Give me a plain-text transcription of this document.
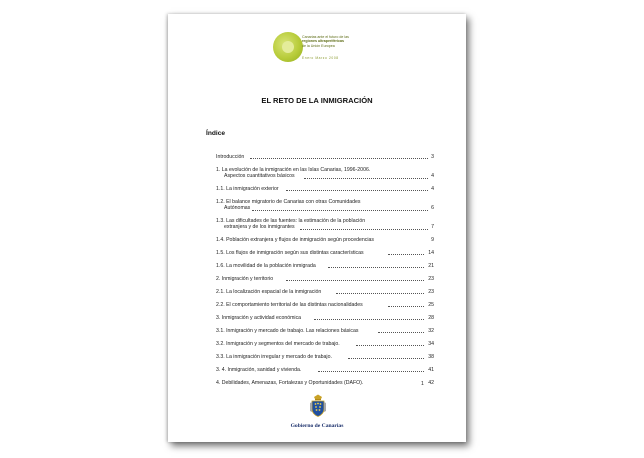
Canarias ante el futuro de las
regiones ultraperiféricas
de la Unión Europea
Enero Marzo 2008
EL RETO DE LA INMIGRACIÓN
Índice
Introducción	3
1. La evolución de la inmigración en las Islas Canarias, 1996-2006.
Aspectos cuantitativos básicos	4
1.1. La inmigración exterior	4
1.2. El balance migratorio de Canarias con otras Comunidades
Autónomas	6
1.3. Las dificultades de las fuentes: la estimación de la población
extranjera y de los inmigrantes	7
1.4. Población extranjera y flujos de inmigración según procedencias	9
1.5. Los flujos de inmigración según sus distintas características	14
1.6. La movilidad de la población inmigrada	21
2. Inmigración y territorio	23
2.1. La localización espacial de la inmigración	23
2.2. El comportamiento territorial de las distintas nacionalidades	25
3. Inmigración y actividad económica	28
3.1. Inmigración y mercado de trabajo. Las relaciones básicas	32
3.2. Inmigración y segmentos del mercado de trabajo.	34
3.3. La inmigración irregular y mercado de trabajo.	38
3. 4. Inmigración, sanidad y vivienda.	41
4. Debilidades, Amenazas, Fortalezas y Oportunidades (DAFO).	42
1
Gobierno de Canarias
